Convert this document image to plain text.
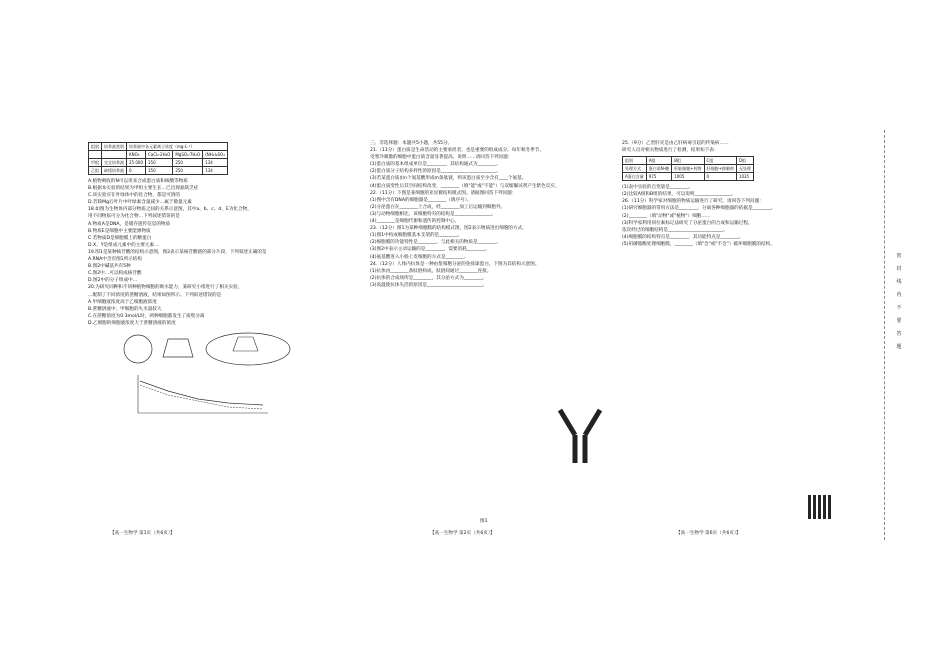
组别	培养液类别	培养液中各元素离子浓度（mg·L⁻¹）			
		KNO₃	CaCl₂·2H₂O	MgSO₄·7H₂O	(NH₄)₂SO₄
甲组	完全培养液	25 000	150	250	134
乙组	缺镁培养液	0	150	250	134

A.植物吸收的N可以用来合成蛋白质和核酸等物质

B.根据本实验的结果为甲组主要生长…已出现氮缺乏症

C.该实验应在叶绿体中的化合物，都是可溶的

D.若缺Mg后叶片中叶绿素含量减少…属于微量元素

18.如图为生物体内部分物质之间的关系示意图，其中a、b、c、d、E为化合物，

用不同物质可分为化合物…下列叙述错误的是

A.物质A是DNA，是储存遗传信息的物质

B.物质E是细胞中主要能源物质

C.若物质D是细胞膜上的糖蛋白

D.X、Y是组成元素中的主要元素…

19.图1是某种核苷酸的结构示意图，图2表示某核苷酸链的部分片段，下列叙述正确的是

A.RNA中含有图1所示结构

B.图2中碱基共有5种

C.图2中…可以构成核苷酸

D.图2中的分子组成中…

20.为研究同种和不同种植物细胞的吸水能力，某研究小组进行了相关实验，

…配制了不同浓度的蔗糖溶液，结果如图所示。下列叙述错误的是

A.甲细胞液浓度高于乙细胞液浓度

B.蔗糖溶液中，甲细胞的失水量较大

C.在蔗糖浓度为0.3mol/L时，两种细胞都发生了质壁分离

D.乙细胞的细胞液浓度大于蔗糖溶液的浓度

三、非选择题：本题共5小题，共55分。

21.（11分）蛋白质是生命活动的主要承担者，也是重要的组成成分。每年秋冬季节，

受寒冷刺激的细胞中蛋白质含量显著提高，说明……请回答下列问题：

(1)蛋白质的基本组成单位是________，其结构通式为________。

(2)蛋白质分子结构多样性的原因是________________________。

(3)若某蛋白质由n个氨基酸形成m条肽链，则该蛋白质至少含有____个氨基。

(4)蛋白质变性后其空间结构改变，________（填"能"或"不能"）与双缩脲试剂产生紫色反应。

22.（11分）下图是某细胞的亚显微结构模式图。请据图回答下列问题：

(1)图中含有DNA的细胞器是________（填序号）。

(2)分泌蛋白在________上合成，经________加工后运输到细胞外。

(3)与动物细胞相比，该细胞特有的结构是________________。

(4)________是细胞代谢和遗传的控制中心。

23.（12分）图1为某种细胞膜的结构模式图，图2表示物质进出细胞的方式。

(1)图1中构成细胞膜基本支架的是________。

(2)细胞膜的功能特性是________，与此相关的物质是________。

(3)图2中表示主动运输的是________，需要消耗________。

(4)氨基酸进入小肠上皮细胞的方式是________。

24.（12分）人体内抗体是一种由浆细胞分泌的免疫球蛋白，下图为其结构示意图。

(1)抗体由________条肽链构成，肽链间通过________连接。

(2)抗体的合成场所是________，其分泌方式为________。

(3)高温使抗体失活的原因是________________________。

图1

25.（9分）乙型肝炎是由乙肝病毒引起的传染病……

研究人员对相关物质进行了检测，结果如下表：

组别	A组	B组	C组	D组
处理方式	蛋白质N-糖	肝脏细胞+药物	肝细胞+抑制剂	无处理
A蛋白含量	975	1005	0	1035

(1)表中实验的自变量是________。

(2)比较A组和B组的结果，可以说明________________。

26.（11分）科学家对细胞的物质运输进行了研究，请回答下列问题：

(1)研究细胞器的常用方法是________，分离各种细胞器的依据是________。

(2)________（填"动物"或"植物"）细胞……

(3)科学家利用同位素标记法研究了分泌蛋白的合成和运输过程，

依次经过的细胞结构是________________________。

(4)细胞膜的结构特点是________，其功能特点是________。

(5)用磷脂酶处理细胞膜，________（填"会"或"不会"）破坏细胞膜的结构。

【高一生物学 第1页（共6页）】	【高一生物学 第2页（共6页）】	【高一生物学 第6页（共6页）】
密
封
线
内
不
要
答
题
